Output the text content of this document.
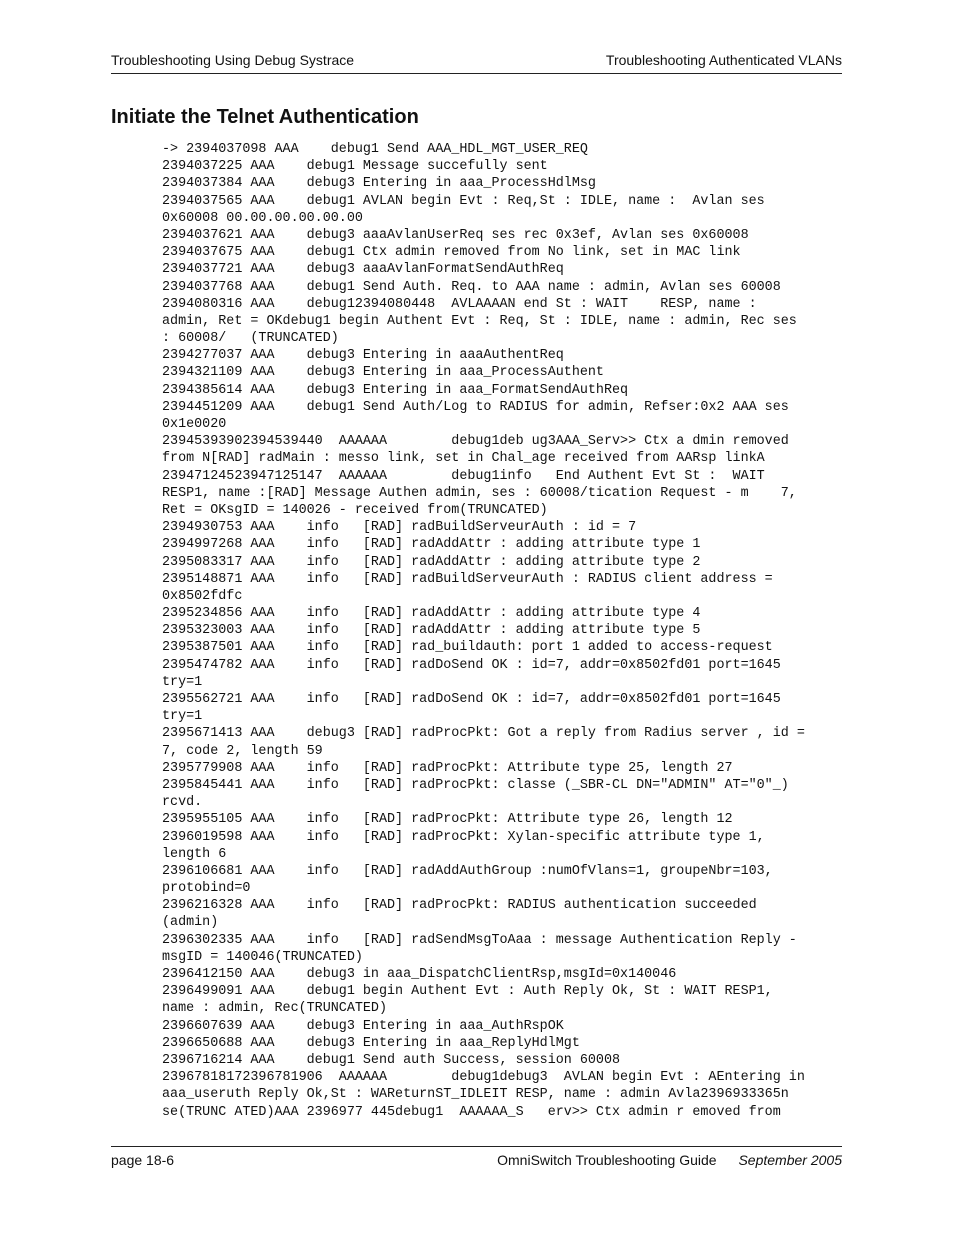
Troubleshooting Using Debug Systrace	Troubleshooting Authenticated VLANs
Initiate the Telnet Authentication
-> 2394037098 AAA    debug1 Send AAA_HDL_MGT_USER_REQ
2394037225 AAA    debug1 Message succefully sent
2394037384 AAA    debug3 Entering in aaa_ProcessHdlMsg
2394037565 AAA    debug1 AVLAN begin Evt : Req,St : IDLE, name :  Avlan ses
0x60008 00.00.00.00.00.00
2394037621 AAA    debug3 aaaAvlanUserReq ses rec 0x3ef, Avlan ses 0x60008
2394037675 AAA    debug1 Ctx admin removed from No link, set in MAC link
2394037721 AAA    debug3 aaaAvlanFormatSendAuthReq
2394037768 AAA    debug1 Send Auth. Req. to AAA name : admin, Avlan ses 60008
2394080316 AAA    debug12394080448  AVLAAAAN end St : WAIT    RESP, name :
admin, Ret = OKdebug1 begin Authent Evt : Req, St : IDLE, name : admin, Rec ses
: 60008/   (TRUNCATED)
2394277037 AAA    debug3 Entering in aaaAuthentReq
2394321109 AAA    debug3 Entering in aaa_ProcessAuthent
2394385614 AAA    debug3 Entering in aaa_FormatSendAuthReq
2394451209 AAA    debug1 Send Auth/Log to RADIUS for admin, Refser:0x2 AAA ses
0x1e0020
23945393902394539440  AAAAAA        debug1deb ug3AAA_Serv>> Ctx a dmin removed
from N[RAD] radMain : messo link, set in Chal_age received from AARsp linkA
23947124523947125147  AAAAAA        debug1info   End Authent Evt St :  WAIT
RESP1, name :[RAD] Message Authen admin, ses : 60008/tication Request - m    7,
Ret = OKsgID = 140026 - received from(TRUNCATED)
2394930753 AAA    info   [RAD] radBuildServeurAuth : id = 7
2394997268 AAA    info   [RAD] radAddAttr : adding attribute type 1
2395083317 AAA    info   [RAD] radAddAttr : adding attribute type 2
2395148871 AAA    info   [RAD] radBuildServeurAuth : RADIUS client address =
0x8502fdfc
2395234856 AAA    info   [RAD] radAddAttr : adding attribute type 4
2395323003 AAA    info   [RAD] radAddAttr : adding attribute type 5
2395387501 AAA    info   [RAD] rad_buildauth: port 1 added to access-request
2395474782 AAA    info   [RAD] radDoSend OK : id=7, addr=0x8502fd01 port=1645
try=1
2395562721 AAA    info   [RAD] radDoSend OK : id=7, addr=0x8502fd01 port=1645
try=1
2395671413 AAA    debug3 [RAD] radProcPkt: Got a reply from Radius server , id =
7, code 2, length 59
2395779908 AAA    info   [RAD] radProcPkt: Attribute type 25, length 27
2395845441 AAA    info   [RAD] radProcPkt: classe (_SBR-CL DN="ADMIN" AT="0"_)
rcvd.
2395955105 AAA    info   [RAD] radProcPkt: Attribute type 26, length 12
2396019598 AAA    info   [RAD] radProcPkt: Xylan-specific attribute type 1,
length 6
2396106681 AAA    info   [RAD] radAddAuthGroup :numOfVlans=1, groupeNbr=103,
protobind=0
2396216328 AAA    info   [RAD] radProcPkt: RADIUS authentication succeeded
(admin)
2396302335 AAA    info   [RAD] radSendMsgToAaa : message Authentication Reply -
msgID = 140046(TRUNCATED)
2396412150 AAA    debug3 in aaa_DispatchClientRsp,msgId=0x140046
2396499091 AAA    debug1 begin Authent Evt : Auth Reply Ok, St : WAIT RESP1,
name : admin, Rec(TRUNCATED)
2396607639 AAA    debug3 Entering in aaa_AuthRspOK
2396650688 AAA    debug3 Entering in aaa_ReplyHdlMgt
2396716214 AAA    debug1 Send auth Success, session 60008
23967818172396781906  AAAAAA        debug1debug3  AVLAN begin Evt : AEntering in
aaa_useruth Reply Ok,St : WAReturnST_IDLEIT RESP, name : admin Avla2396933365n
se(TRUNC ATED)AAA 2396977 445debug1  AAAAAA_S   erv>> Ctx admin r emoved from
page 18-6	OmniSwitch Troubleshooting Guide September 2005
